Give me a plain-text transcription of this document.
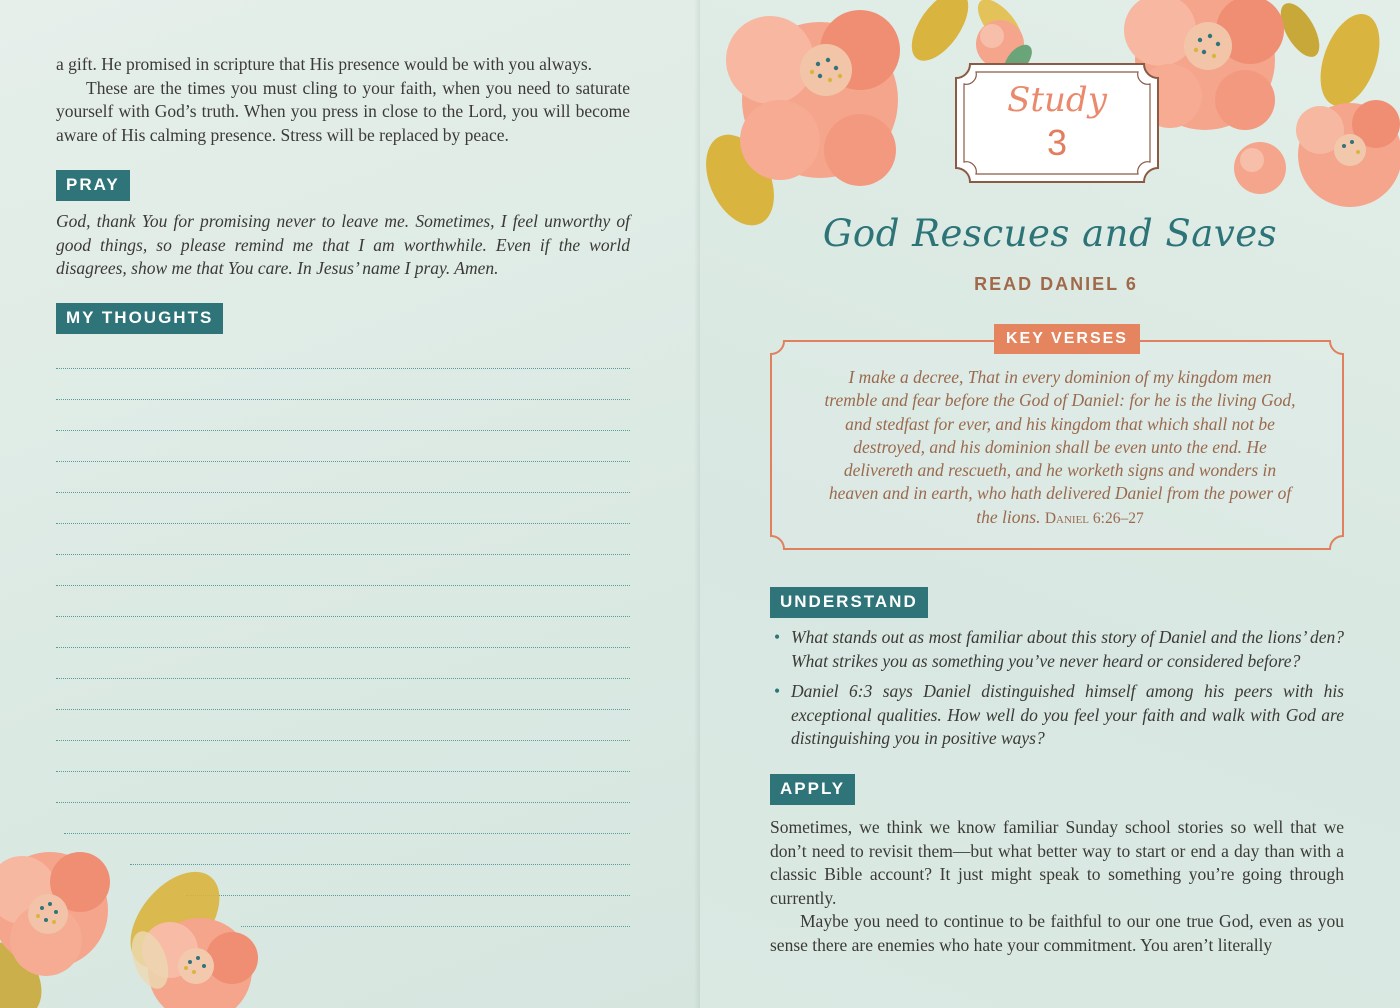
a gift. He promised in scripture that His presence would be with you always.
These are the times you must cling to your faith, when you need to saturate yourself with God’s truth. When you press in close to the Lord, you will become aware of His calming presence. Stress will be replaced by peace.
PRAY
God, thank You for promising never to leave me. Sometimes, I feel unworthy of good things, so please remind me that I am worthwhile. Even if the world disagrees, show me that You care. In Jesus’ name I pray. Amen.
MY THOUGHTS
Study
3
God Rescues and Saves
READ DANIEL 6
KEY VERSES
I make a decree, That in every dominion of my kingdom men tremble and fear before the God of Daniel: for he is the living God, and stedfast for ever, and his kingdom that which shall not be destroyed, and his dominion shall be even unto the end. He delivereth and rescueth, and he worketh signs and wonders in heaven and in earth, who hath delivered Daniel from the power of the lions. Daniel 6:26–27
UNDERSTAND
• What stands out as most familiar about this story of Daniel and the lions’ den? What strikes you as something you’ve never heard or considered before?
• Daniel 6:3 says Daniel distinguished himself among his peers with his exceptional qualities. How well do you feel your faith and walk with God are distinguishing you in positive ways?
APPLY
Sometimes, we think we know familiar Sunday school stories so well that we don’t need to revisit them—but what better way to start or end a day than with a classic Bible account? It just might speak to something you’re going through currently.
Maybe you need to continue to be faithful to our one true God, even as you sense there are enemies who hate your commitment. You aren’t literally
